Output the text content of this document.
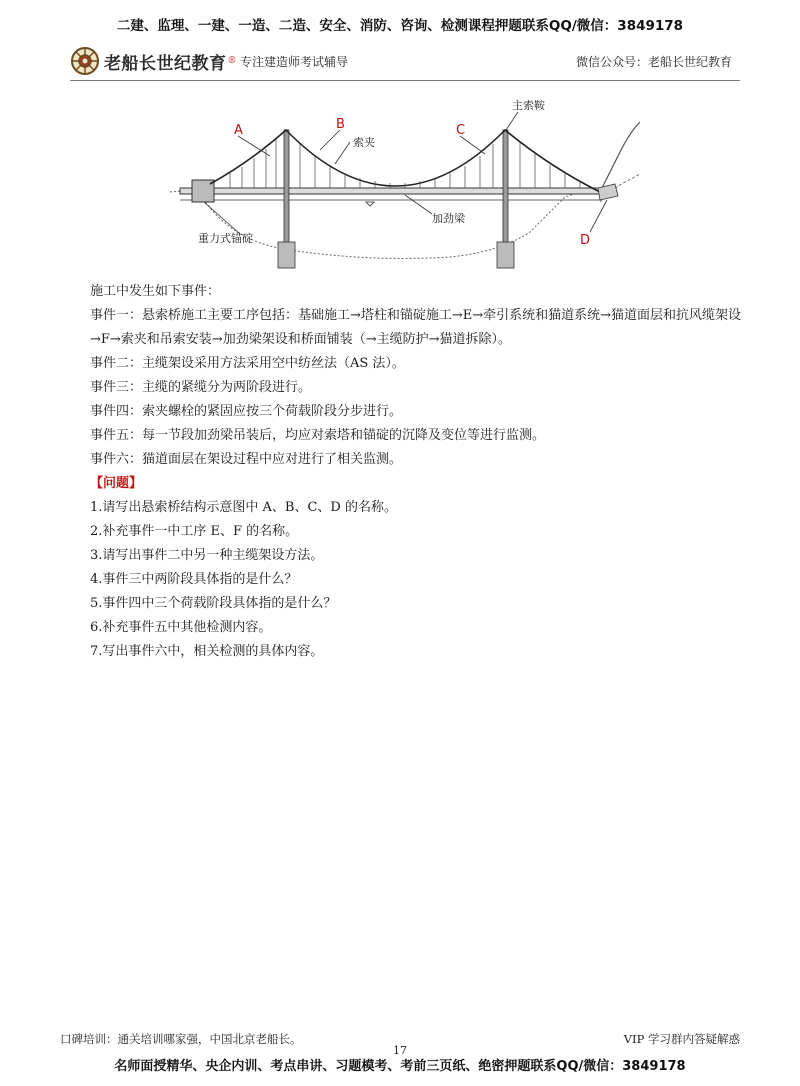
二建、监理、一建、一造、二造、安全、消防、咨询、检测课程押题联系QQ/微信：3849178
老船长世纪教育 ® 专注建造师考试辅导	微信公众号：老船长世纪教育
A	B	C
D
主索鞍
索夹
加劲梁
重力式锚碇

施工中发生如下事件：

事件一：悬索桥施工主要工序包括：基础施工→塔柱和锚碇施工→E→牵引系统和猫道系统→猫道面层和抗风缆架设→F→索夹和吊索安装→加劲梁架设和桥面铺装（→主缆防护→猫道拆除）。

事件二：主缆架设采用方法采用空中纺丝法（AS 法）。

事件三：主缆的紧缆分为两阶段进行。

事件四：索夹螺栓的紧固应按三个荷载阶段分步进行。

事件五：每一节段加劲梁吊装后，均应对索塔和锚碇的沉降及变位等进行监测。

事件六：猫道面层在架设过程中应对进行了相关监测。

【问题】

1.请写出悬索桥结构示意图中 A、B、C、D 的名称。
2.补充事件一中工序 E、F 的名称。
3.请写出事件二中另一种主缆架设方法。
4.事件三中两阶段具体指的是什么？
5.事件四中三个荷载阶段具体指的是什么？
6.补充事件五中其他检测内容。
7.写出事件六中，相关检测的具体内容。
口碑培训：通关培训哪家强，中国北京老船长。	VIP 学习群内答疑解惑
17
名师面授精华、央企内训、考点串讲、习题模考、考前三页纸、绝密押题联系QQ/微信：3849178
